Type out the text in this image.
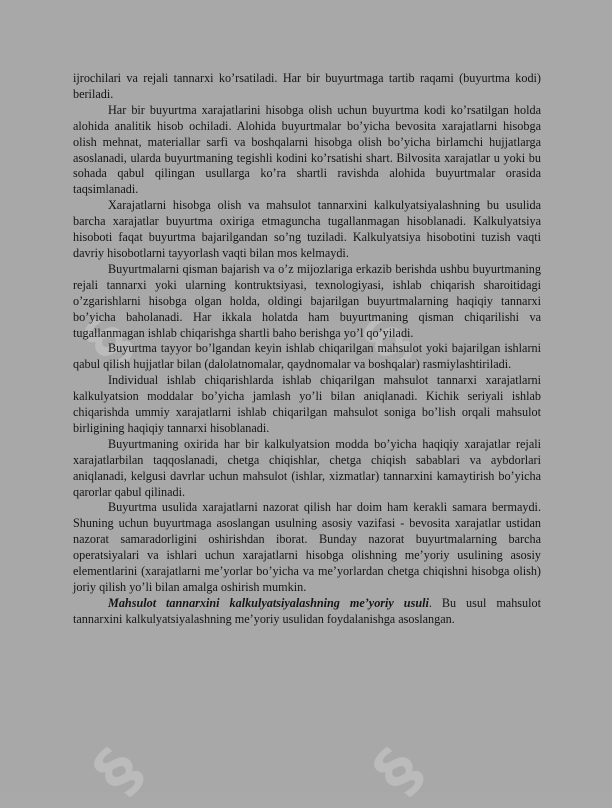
§	§
§	§

ijrochilari va rejali tannarxi ko’rsatiladi. Har bir buyurtmaga tartib raqami (buyurtma kodi) beriladi.

Har bir buyurtma xarajatlarini hisobga olish uchun buyurtma kodi ko’rsatilgan holda alohida analitik hisob ochiladi. Alohida buyurtmalar bo’yicha bevosita xarajatlarni hisobga olish mehnat, materiallar sarfi va boshqalarni hisobga olish bo’yicha birlamchi hujjatlarga asoslanadi, ularda buyurtmaning tegishli kodini ko’rsatishi shart. Bilvosita xarajatlar u yoki bu sohada qabul qilingan usullarga ko’ra shartli ravishda alohida buyurtmalar orasida taqsimlanadi.

Xarajatlarni hisobga olish va mahsulot tannarxini kalkulyatsiyalashning bu usulida barcha xarajatlar buyurtma oxiriga etmaguncha tugallanmagan hisoblanadi. Kalkulyatsiya hisoboti faqat buyurtma bajarilgandan so’ng tuziladi. Kalkulyatsiya hisobotini tuzish vaqti davriy hisobotlarni tayyorlash vaqti bilan mos kelmaydi.

Buyurtmalarni qisman bajarish va o’z mijozlariga erkazib berishda ushbu buyurtmaning rejali tannarxi yoki ularning kontruktsiyasi, texnologiyasi, ishlab chiqarish sharoitidagi o’zgarishlarni hisobga olgan holda, oldingi bajarilgan buyurtmalarning haqiqiy tannarxi bo’yicha baholanadi. Har ikkala holatda ham buyurtmaning qisman chiqarilishi va tugallanmagan ishlab chiqarishga shartli baho berishga yo’l qo’yiladi.

Buyurtma tayyor bo’lgandan keyin ishlab chiqarilgan mahsulot yoki bajarilgan ishlarni qabul qilish hujjatlar bilan (dalolatnomalar, qaydnomalar va boshqalar) rasmiylashtiriladi.

Individual ishlab chiqarishlarda ishlab chiqarilgan mahsulot tannarxi xarajatlarni kalkulyatsion moddalar bo’yicha jamlash yo’li bilan aniqlanadi. Kichik seriyali ishlab chiqarishda ummiy xarajatlarni ishlab chiqarilgan mahsulot soniga bo’lish orqali mahsulot birligining haqiqiy tannarxi hisoblanadi.

Buyurtmaning oxirida har bir kalkulyatsion modda bo’yicha haqiqiy xarajatlar rejali xarajatlarbilan taqqoslanadi, chetga chiqishlar, chetga chiqish sabablari va aybdorlari aniqlanadi, kelgusi davrlar uchun mahsulot (ishlar, xizmatlar) tannarxini kamaytirish bo’yicha qarorlar qabul qilinadi.

Buyurtma usulida xarajatlarni nazorat qilish har doim ham kerakli samara bermaydi. Shuning uchun buyurtmaga asoslangan usulning asosiy vazifasi - bevosita xarajatlar ustidan nazorat samaradorligini oshirishdan iborat. Bunday nazorat buyurtmalarning barcha operatsiyalari va ishlari uchun xarajatlarni hisobga olishning me’yoriy usulining asosiy elementlarini (xarajatlarni me’yorlar bo’yicha va me’yorlardan chetga chiqishni hisobga olish) joriy qilish yo’li bilan amalga oshirish mumkin.

Mahsulot tannarxini kalkulyatsiyalashning me’yoriy usuli. Bu usul mahsulot tannarxini kalkulyatsiyalashning me’yoriy usulidan foydalanishga asoslangan.
